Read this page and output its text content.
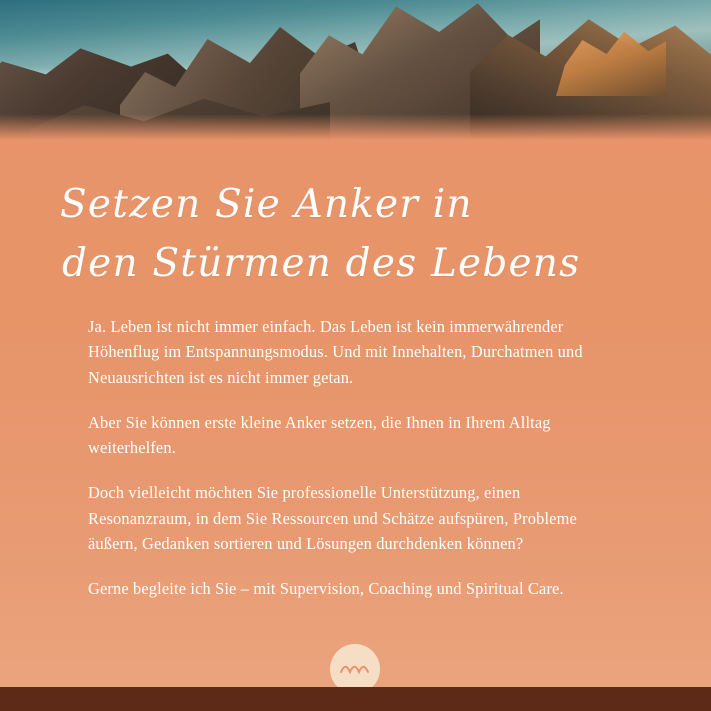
Setzen Sie Anker in
den Stürmen des Lebens

Ja. Leben ist nicht immer einfach. Das Leben ist kein immerwährender Höhenflug im Entspannungsmodus. Und mit Innehalten, Durchatmen und Neuausrichten ist es nicht immer getan.

Aber Sie können erste kleine Anker setzen, die Ihnen in Ihrem Alltag weiterhelfen.

Doch vielleicht möchten Sie professionelle Unterstützung, einen Resonanzraum, in dem Sie Ressourcen und Schätze aufspüren, Probleme äußern, Gedanken sortieren und Lösungen durchdenken können?

Gerne begleite ich Sie – mit Supervision, Coaching und Spiritual Care.
